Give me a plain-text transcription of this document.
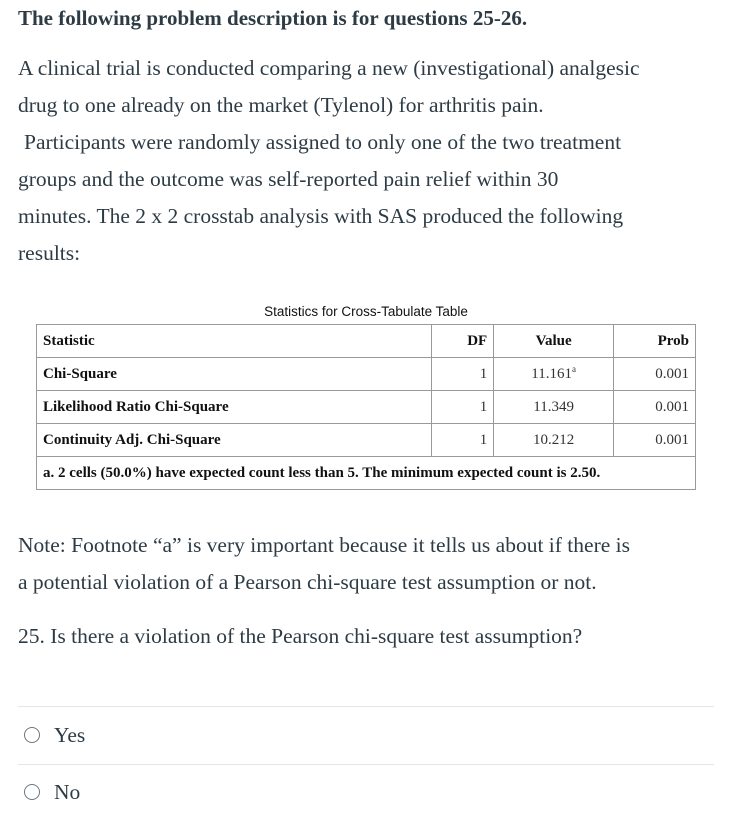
The following problem description is for questions 25-26.
A clinical trial is conducted comparing a new (investigational) analgesic
drug to one already on the market (Tylenol) for arthritis pain.
Participants were randomly assigned to only one of the two treatment
groups and the outcome was self-reported pain relief within 30
minutes. The 2 x 2 crosstab analysis with SAS produced the following
results:
Statistics for Cross-Tabulate Table
Statistic	DF	Value	Prob
Chi-Square	1	11.161$^a$	0.001
Likelihood Ratio Chi-Square	1	11.349	0.001
Continuity Adj. Chi-Square	1	10.212	0.001
a. 2 cells (50.0%) have expected count less than 5. The minimum expected count is 2.50.			
Note: Footnote “a” is very important because it tells us about if there is
a potential violation of a Pearson chi-square test assumption or not.
25. Is there a violation of the Pearson chi-square test assumption?
Yes
No
